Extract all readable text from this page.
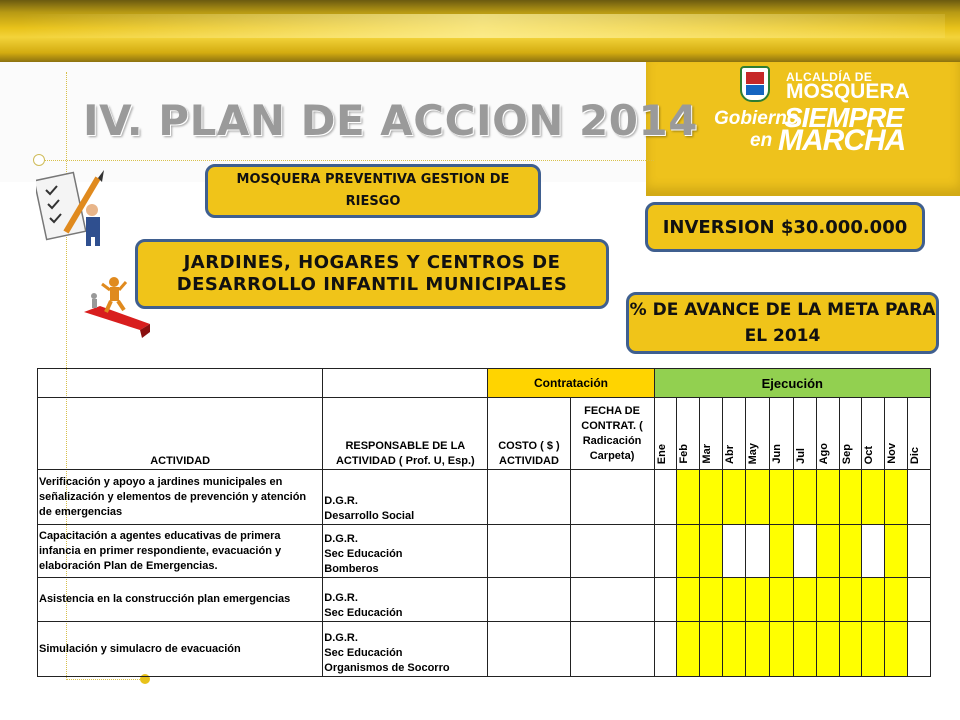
IV. PLAN DE ACCION 2014
ALCALDÍA DE
MOSQUERA
Gobierno
SIEMPRE
en MARCHA
MOSQUERA PREVENTIVA GESTION DE RIESGO
INVERSION $30.000.000
JARDINES, HOGARES Y CENTROS DE DESARROLLO INFANTIL MUNICIPALES
% DE AVANCE DE LA META PARA EL 2014
		Contratación		Ejecución											
ACTIVIDAD	RESPONSABLE DE LA ACTIVIDAD ( Prof. U, Esp.)	COSTO ( $ ) ACTIVIDAD	FECHA DE CONTRAT. ( Radicación Carpeta)	Ene	Feb	Mar	Abr	May	Jun	Jul	Ago	Sep	Oct	Nov	Dic
Verificación y apoyo a jardines municipales en señalización y elementos de prevención y atención de emergencias	D.G.R.
Desarrollo Social														

Capacitación a agentes educativas de primera infancia en primer respondiente, evacuación y elaboración Plan de Emergencias.	D.G.R.
Sec Educación
Bomberos														

Asistencia en la construcción plan emergencias	D.G.R.
Sec Educación														

Simulación y simulacro de evacuación	D.G.R.
Sec Educación
Organismos de Socorro														
